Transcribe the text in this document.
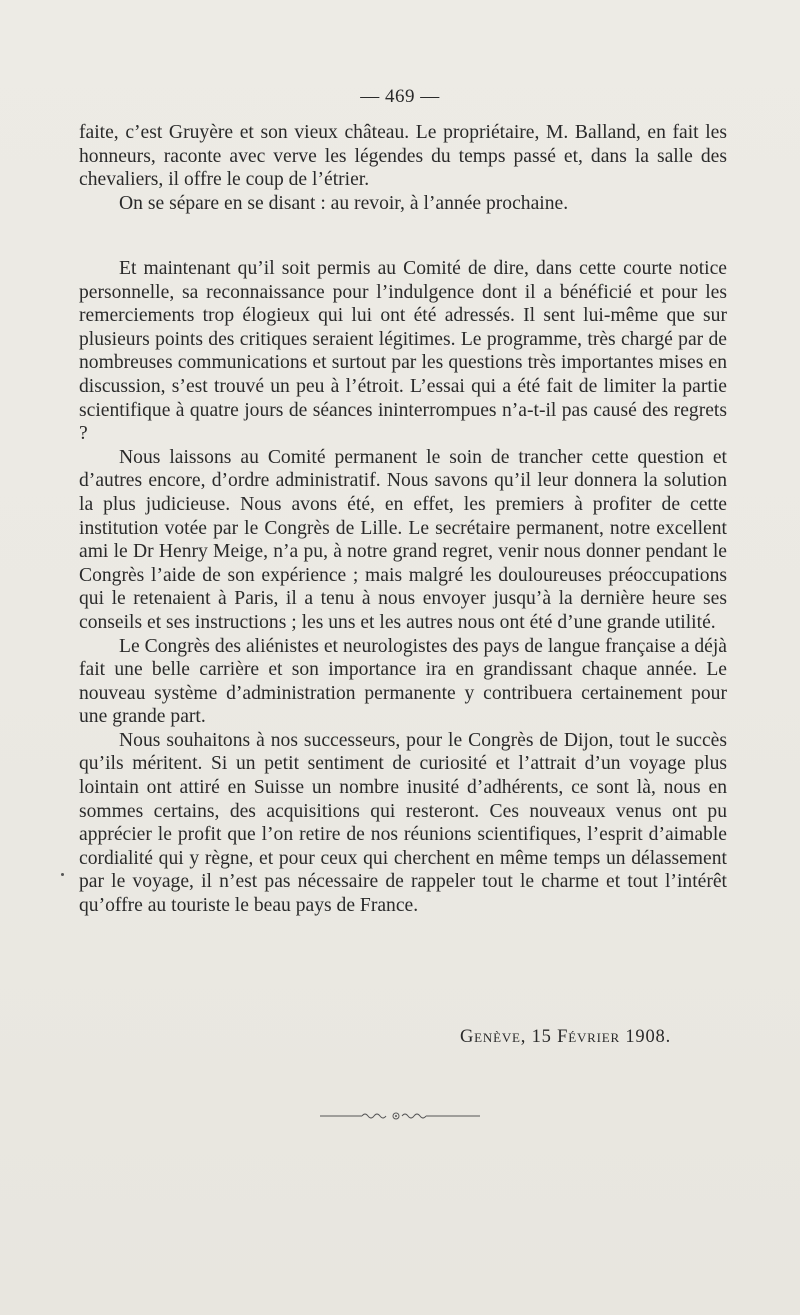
— 469 —

faite, c’est Gruyère et son vieux château. Le propriétaire, M. Balland, en fait les honneurs, raconte avec verve les légendes du temps passé et, dans la salle des chevaliers, il offre le coup de l’étrier.

On se sépare en se disant : au revoir, à l’année prochaine.

Et maintenant qu’il soit permis au Comité de dire, dans cette courte notice personnelle, sa reconnaissance pour l’indulgence dont il a bénéficié et pour les remerciements trop élogieux qui lui ont été adressés. Il sent lui-même que sur plusieurs points des critiques seraient légitimes. Le programme, très chargé par de nombreuses communications et surtout par les questions très importantes mises en discussion, s’est trouvé un peu à l’étroit. L’essai qui a été fait de limiter la partie scientifique à quatre jours de séances ininterrompues n’a-t-il pas causé des regrets ?

Nous laissons au Comité permanent le soin de trancher cette question et d’autres encore, d’ordre administratif. Nous savons qu’il leur donnera la solution la plus judicieuse. Nous avons été, en effet, les premiers à profiter de cette institution votée par le Congrès de Lille. Le secrétaire permanent, notre excellent ami le Dr Henry Meige, n’a pu, à notre grand regret, venir nous donner pendant le Congrès l’aide de son expérience ; mais malgré les douloureuses préoccupations qui le retenaient à Paris, il a tenu à nous envoyer jusqu’à la dernière heure ses conseils et ses instructions ; les uns et les autres nous ont été d’une grande utilité.

Le Congrès des aliénistes et neurologistes des pays de langue française a déjà fait une belle carrière et son importance ira en grandissant chaque année. Le nouveau système d’administration permanente y contribuera certainement pour une grande part.

Nous souhaitons à nos successeurs, pour le Congrès de Dijon, tout le succès qu’ils méritent. Si un petit sentiment de curiosité et l’attrait d’un voyage plus lointain ont attiré en Suisse un nombre inusité d’adhérents, ce sont là, nous en sommes certains, des acquisitions qui resteront. Ces nouveaux venus ont pu apprécier le profit que l’on retire de nos réunions scientifiques, l’esprit d’aimable cordialité qui y règne, et pour ceux qui cherchent en même temps un délassement par le voyage, il n’est pas nécessaire de rappeler tout le charme et tout l’intérêt qu’offre au touriste le beau pays de France.

Genève, 15 Février 1908.
